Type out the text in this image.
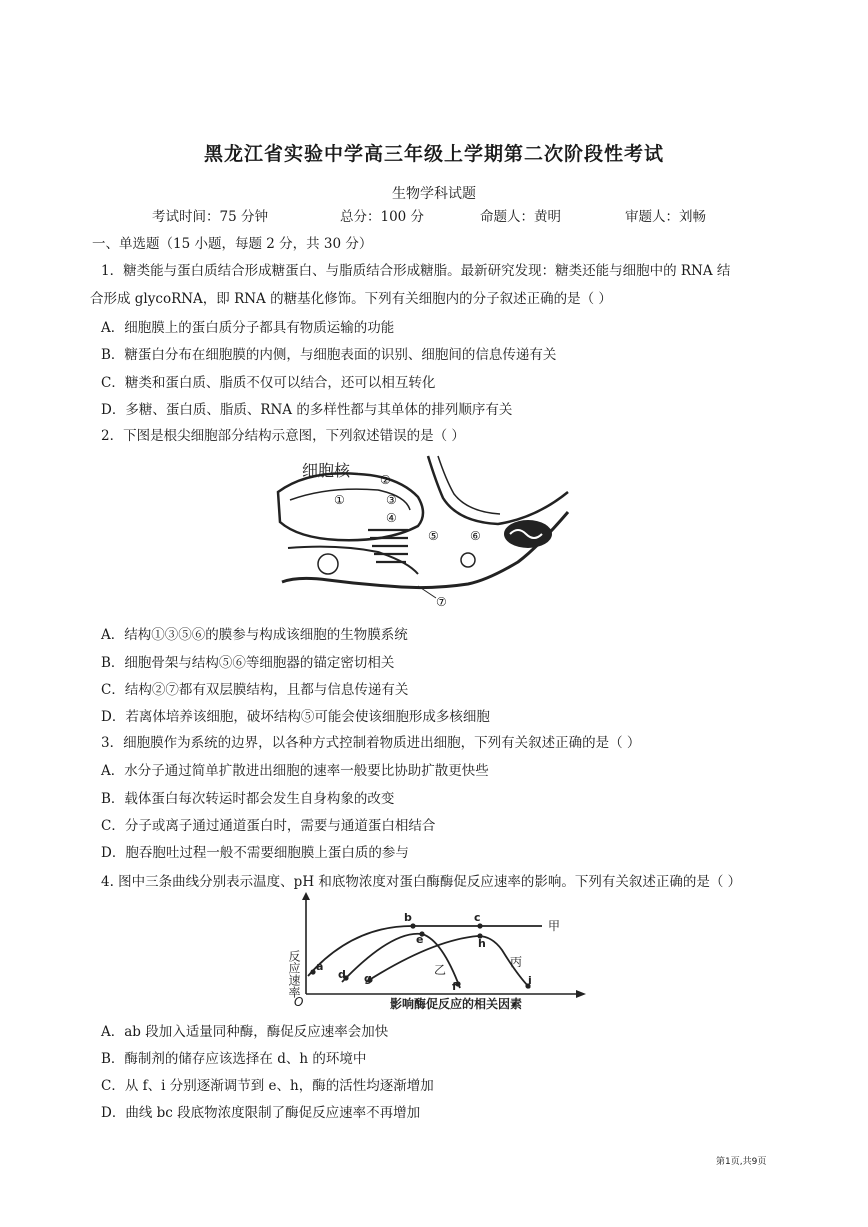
黑龙江省实验中学高三年级上学期第二次阶段性考试
生物学科试题
考试时间：75 分钟	总分：100 分	命题人：黄明	审题人：刘畅
一、单选题（15 小题，每题 2 分，共 30 分）
1．糖类能与蛋白质结合形成糖蛋白、与脂质结合形成糖脂。最新研究发现：糖类还能与细胞中的 RNA 结
合形成 glycoRNA，即 RNA 的糖基化修饰。下列有关细胞内的分子叙述正确的是（ ）
A．细胞膜上的蛋白质分子都具有物质运输的功能
B．糖蛋白分布在细胞膜的内侧，与细胞表面的识别、细胞间的信息传递有关
C．糖类和蛋白质、脂质不仅可以结合，还可以相互转化
D．多糖、蛋白质、脂质、RNA 的多样性都与其单体的排列顺序有关
2．下图是根尖细胞部分结构示意图，下列叙述错误的是（ ）
细胞核
①
②
③
④
⑤	⑥
⑦
A．结构①③⑤⑥的膜参与构成该细胞的生物膜系统
B．细胞骨架与结构⑤⑥等细胞器的锚定密切相关
C．结构②⑦都有双层膜结构，且都与信息传递有关
D．若离体培养该细胞，破坏结构⑤可能会使该细胞形成多核细胞
3．细胞膜作为系统的边界，以各种方式控制着物质进出细胞，下列有关叙述正确的是（ ）
A．水分子通过简单扩散进出细胞的速率一般要比协助扩散更快些
B．载体蛋白每次转运时都会发生自身构象的改变
C．分子或离子通过通道蛋白时，需要与通道蛋白相结合
D．胞吞胞吐过程一般不需要细胞膜上蛋白质的参与
4. 图中三条曲线分别表示温度、pH 和底物浓度对蛋白酶酶促反应速率的影响。下列有关叙述正确的是（ ）
反应速率
O	影响酶促反应的相关因素
a
b	c
d
e
f
g
h
i
甲
乙
丙
A．ab 段加入适量同种酶，酶促反应速率会加快
B．酶制剂的储存应该选择在 d、h 的环境中
C．从 f、i 分别逐渐调节到 e、h，酶的活性均逐渐增加
D．曲线 bc 段底物浓度限制了酶促反应速率不再增加
第1页,共9页
